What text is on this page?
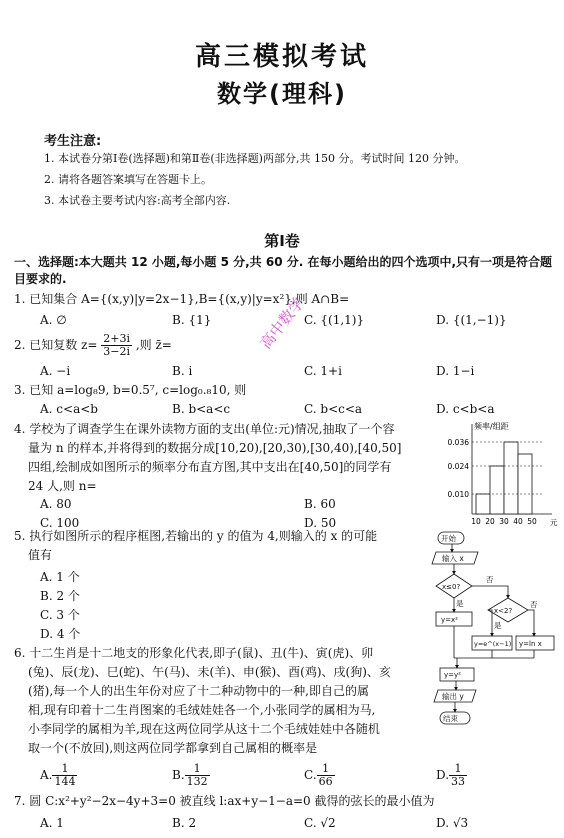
高三模拟考试
数学(理科)
考生注意:
1. 本试卷分第Ⅰ卷(选择题)和第Ⅱ卷(非选择题)两部分,共 150 分。考试时间 120 分钟。
2. 请将各题答案填写在答题卡上。
3. 本试卷主要考试内容:高考全部内容.
第Ⅰ卷
一、选择题:本大题共 12 小题,每小题 5 分,共 60 分. 在每小题给出的四个选项中,只有一项是符合题目要求的.
1. 已知集合 A={(x,y)|y=2x−1},B={(x,y)|y=x²},则 A∩B=
A. ∅	B. {1}	C. {(1,1)}	D. {(1,−1)}
2. 已知复数 $z= \frac{2+3i}{3-2i}$ ,则 z̄=
A. −i	B. i	C. 1+i	D. 1−i
3. 已知 a=log₈9, b=0.5⁷, c=log₀.₈10, 则
A. c<a<b	B. b<a<c	C. b<c<a	D. c<b<a
4. 学校为了调查学生在课外读物方面的支出(单位:元)情况,抽取了一个容
量为 n 的样本,并将得到的数据分成[10,20),[20,30),[30,40),[40,50]
四组,绘制成如图所示的频率分布直方图,其中支出在[40,50]的同学有
24 人,则 n=
A. 80	B. 60
C. 100	D. 50
频率/组距
0.036
0.024
0.010
10 20 30 40 50 元
5. 执行如图所示的程序框图,若输出的 y 的值为 4,则输入的 x 的可能
值有
A. 1 个
B. 2 个
C. 3 个
D. 4 个
开始
输入 x
x≤0?
x<2?
否
否
是
是
y=x²
y=e^(x−1) y=ln x
y=y²
输出 y
结束
6. 十二生肖是十二地支的形象化代表,即子(鼠)、丑(牛)、寅(虎)、卯
(兔)、辰(龙)、巳(蛇)、午(马)、未(羊)、申(猴)、酉(鸡)、戌(狗)、亥
(猪),每一个人的出生年份对应了十二种动物中的一种,即自己的属
相,现有印着十二生肖图案的毛绒娃娃各一个,小张同学的属相为马,
小李同学的属相为羊,现在这两位同学从这十二个毛绒娃娃中各随机
取一个(不放回),则这两位同学都拿到自己属相的概率是
A. $\frac{1}{144}$	B. $\frac{1}{132}$	C. $\frac{1}{66}$	D. $\frac{1}{33}$
7. 圆 C:x²+y²−2x−4y+3=0 被直线 l:ax+y−1−a=0 截得的弦长的最小值为
A. 1	B. 2	C. √2	D. √3
高中数学
